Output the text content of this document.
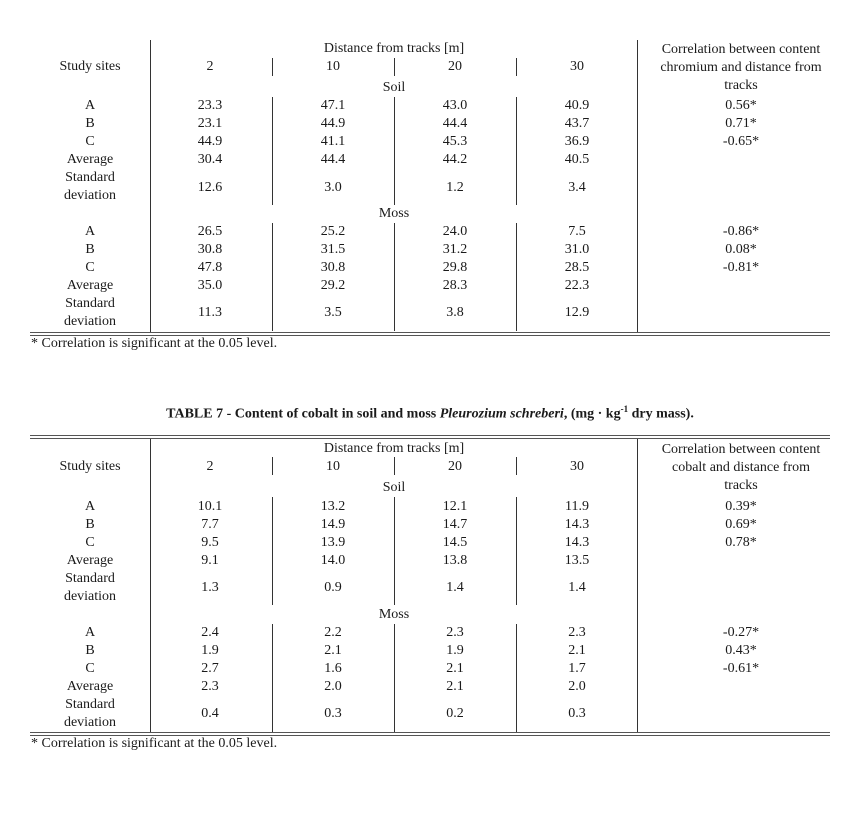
Study sites
Distance from tracks [m]
2	10	20	30
Correlation between content
chromium and distance from
tracks
Soil
A	23.3	47.1	43.0	40.9	0.56*
B	23.1	44.9	44.4	43.7	0.71*
C	44.9	41.1	45.3	36.9	-0.65*
Average	30.4	44.4	44.2	40.5
Standard
deviation
12.6	3.0	1.2	3.4
Moss
A	26.5	25.2	24.0	7.5	-0.86*
B	30.8	31.5	31.2	31.0	0.08*
C	47.8	30.8	29.8	28.5	-0.81*
Average	35.0	29.2	28.3	22.3
Standard
deviation
11.3	3.5	3.8	12.9
* Correlation is significant at the 0.05 level.
TABLE 7 - Content of cobalt in soil and moss Pleurozium schreberi, ($mg \cdot kg^{-1}$ dry mass).
Study sites
Distance from tracks [m]
2	10	20	30
Correlation between content
cobalt and distance from
tracks
Soil
A	10.1	13.2	12.1	11.9	0.39*
B	7.7	14.9	14.7	14.3	0.69*
C	9.5	13.9	14.5	14.3	0.78*
Average	9.1	14.0	13.8	13.5
Standard
deviation
1.3	0.9	1.4	1.4
Moss
A	2.4	2.2	2.3	2.3	-0.27*
B	1.9	2.1	1.9	2.1	0.43*
C	2.7	1.6	2.1	1.7	-0.61*
Average	2.3	2.0	2.1	2.0
Standard
deviation
0.4	0.3	0.2	0.3
* Correlation is significant at the 0.05 level.
